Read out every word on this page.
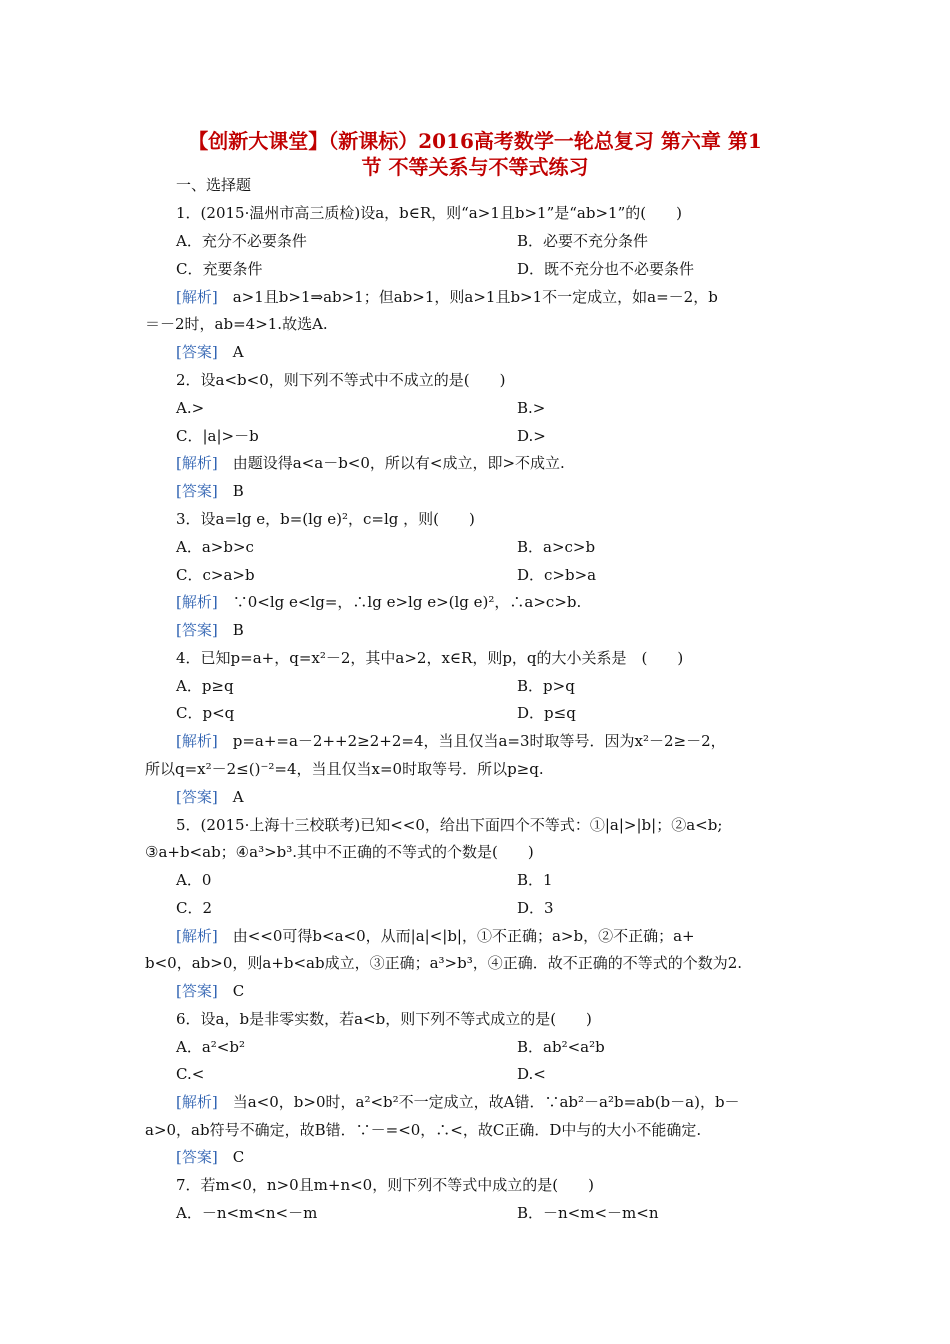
【创新大课堂】（新课标）2016高考数学一轮总复习 第六章 第1
节 不等关系与不等式练习
一、选择题
1．(2015·温州市高三质检)设a，b∈R，则“a>1且b>1”是“ab>1”的(　　)
A．充分不必要条件	B．必要不充分条件
C．充要条件	D．既不充分也不必要条件
[解析]　 a>1且b>1⇒ab>1；但ab>1，则a>1且b>1不一定成立，如a=－2，b
＝－2时，ab=4>1.故选A.
[答案]　 A
2．设a<b<0，则下列不等式中不成立的是(　　)
A.>	B.>
C．|a|>－b	D.>
[解析]　 由题设得a<a－b<0，所以有<成立，即>不成立.
[答案]　 B
3．设a=lg e，b=(lg e)²，c=lg ，则(　　)
A．a>b>c	B．a>c>b
C．c>a>b	D．c>b>a
[解析]　 ∵0<lg e<lg=，∴lg e>lg e>(lg e)²，∴a>c>b.
[答案]　 B
4．已知p=a+，q=x²－2，其中a>2，x∈R，则p，q的大小关系是　(　　)
A．p≥q	B．p>q
C．p<q	D．p≤q
[解析]　 p=a+=a－2++2≥2+2=4，当且仅当a=3时取等号．因为x²－2≥－2，
所以q=x²－2≤()⁻²=4，当且仅当x=0时取等号．所以p≥q.
[答案]　 A
5．(2015·上海十三校联考)已知<<0，给出下面四个不等式：①|a|>|b|；②a<b;
③a+b<ab；④a³>b³.其中不正确的不等式的个数是(　　)
A．0	B．1
C．2	D．3
[解析]　 由<<0可得b<a<0，从而|a|<|b|，①不正确；a>b，②不正确；a+
b<0，ab>0，则a+b<ab成立，③正确；a³>b³，④正确．故不正确的不等式的个数为2.
[答案]　 C
6．设a，b是非零实数，若a<b，则下列不等式成立的是(　　)
A．a²<b²	B．ab²<a²b
C.<	D.<
[解析]　 当a<0，b>0时，a²<b²不一定成立，故A错．∵ab²－a²b=ab(b－a)，b－
a>0，ab符号不确定，故B错．∵－=<0，∴<，故C正确．D中与的大小不能确定.
[答案]　 C
7．若m<0，n>0且m+n<0，则下列不等式中成立的是(　　)
A．－n<m<n<－m	B．－n<m<－m<n
